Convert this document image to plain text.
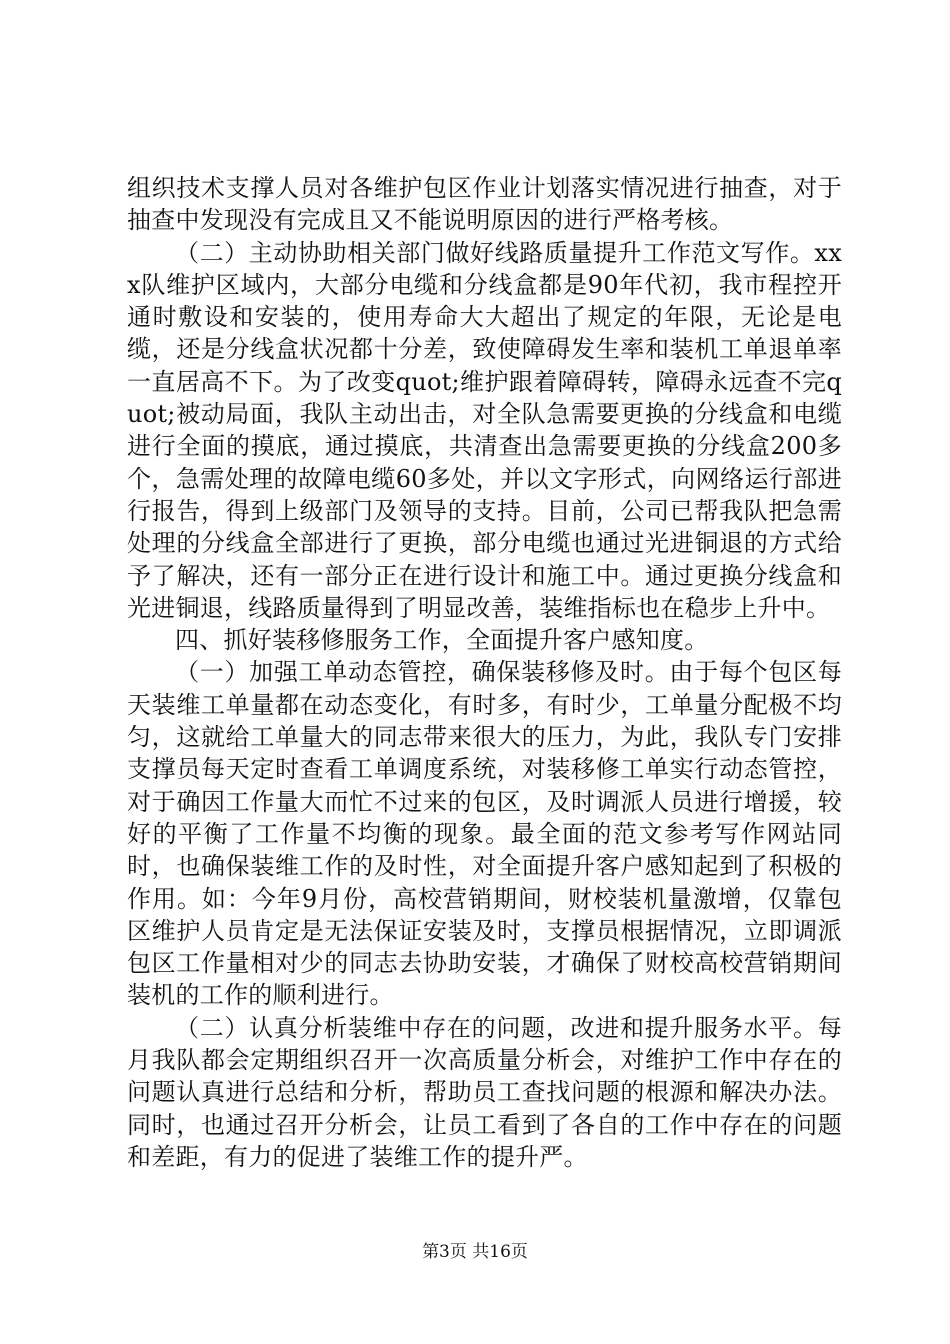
组织技术支撑人员对各维护包区作业计划落实情况进行抽查，对于抽查中发现没有完成且又不能说明原因的进行严格考核。

（二）主动协助相关部门做好线路质量提升工作范文写作。xxx队维护区域内，大部分电缆和分线盒都是90年代初，我市程控开通时敷设和安装的，使用寿命大大超出了规定的年限，无论是电缆，还是分线盒状况都十分差，致使障碍发生率和装机工单退单率一直居高不下。为了改变quot;维护跟着障碍转，障碍永远查不完quot;被动局面，我队主动出击，对全队急需要更换的分线盒和电缆进行全面的摸底，通过摸底，共清查出急需要更换的分线盒200多个，急需处理的故障电缆60多处，并以文字形式，向网络运行部进行报告，得到上级部门及领导的支持。目前，公司已帮我队把急需处理的分线盒全部进行了更换，部分电缆也通过光进铜退的方式给予了解决，还有一部分正在进行设计和施工中。通过更换分线盒和光进铜退，线路质量得到了明显改善，装维指标也在稳步上升中。

四、抓好装移修服务工作，全面提升客户感知度。

（一）加强工单动态管控，确保装移修及时。由于每个包区每天装维工单量都在动态变化，有时多，有时少，工单量分配极不均匀，这就给工单量大的同志带来很大的压力，为此，我队专门安排支撑员每天定时查看工单调度系统，对装移修工单实行动态管控，对于确因工作量大而忙不过来的包区，及时调派人员进行增援，较好的平衡了工作量不均衡的现象。最全面的范文参考写作网站同时，也确保装维工作的及时性，对全面提升客户感知起到了积极的作用。如：今年9月份，高校营销期间，财校装机量激增，仅靠包区维护人员肯定是无法保证安装及时，支撑员根据情况，立即调派包区工作量相对少的同志去协助安装，才确保了财校高校营销期间装机的工作的顺利进行。

（二）认真分析装维中存在的问题，改进和提升服务水平。每月我队都会定期组织召开一次高质量分析会，对维护工作中存在的问题认真进行总结和分析，帮助员工查找问题的根源和解决办法。同时，也通过召开分析会，让员工看到了各自的工作中存在的问题和差距，有力的促进了装维工作的提升严。

第3页 共16页
